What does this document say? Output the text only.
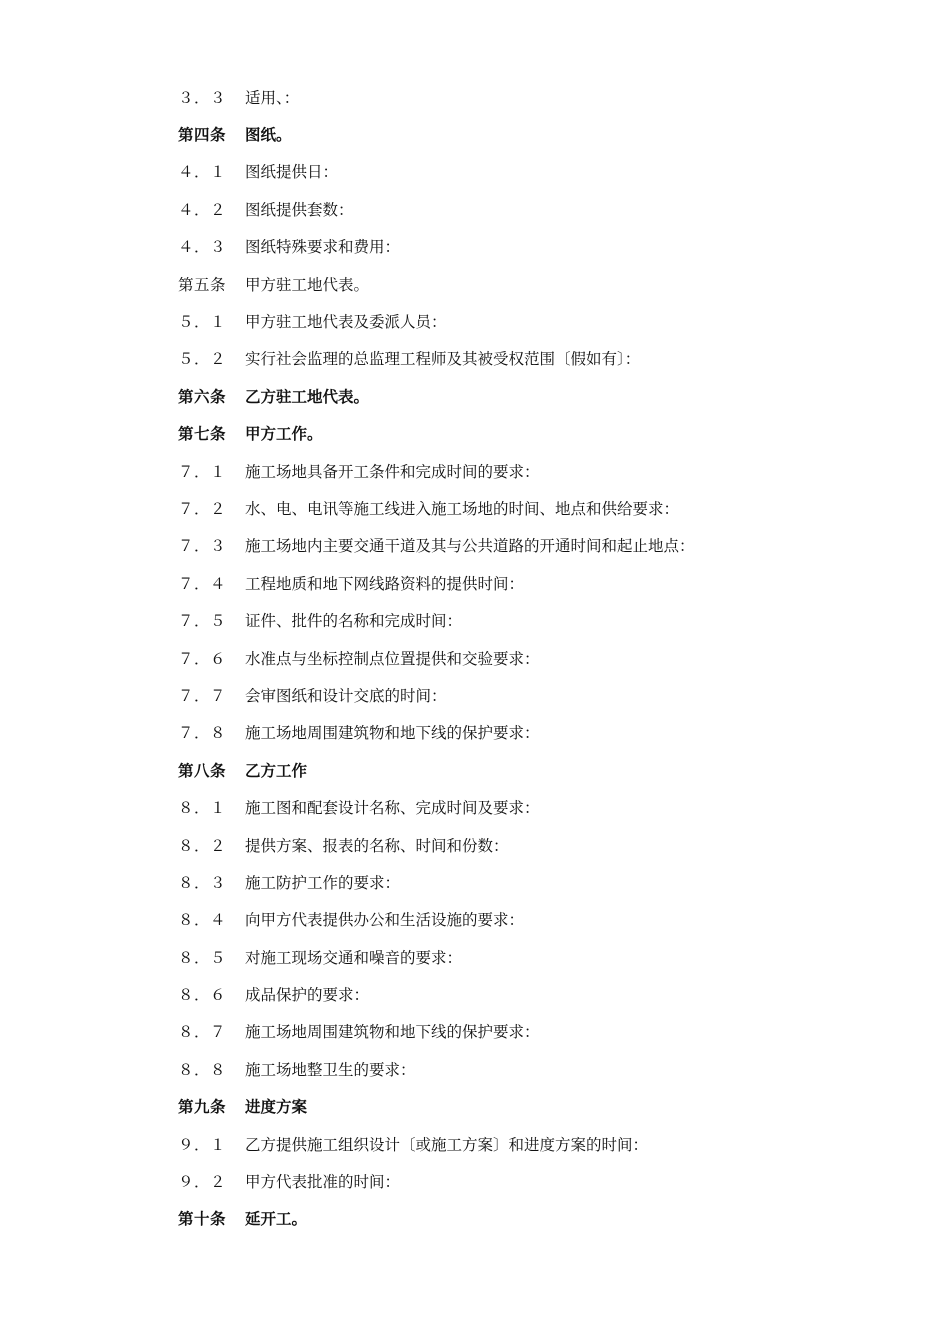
３．３	适用、：
第四条	图纸。
４．１	图纸提供日：
４．２	图纸提供套数：
４．３	图纸特殊要求和费用：
第五条	甲方驻工地代表。
５．１	甲方驻工地代表及委派人员：
５．２	实行社会监理的总监理工程师及其被受权范围〔假如有〕：
第六条	乙方驻工地代表。
第七条	甲方工作。
７．１	施工场地具备开工条件和完成时间的要求：
７．２	水、电、电讯等施工线进入施工场地的时间、地点和供给要求：
７．３	施工场地内主要交通干道及其与公共道路的开通时间和起止地点：
７．４	工程地质和地下网线路资料的提供时间：
７．５	证件、批件的名称和完成时间：
７．６	水准点与坐标控制点位置提供和交验要求：
７．７	会审图纸和设计交底的时间：
７．８	施工场地周围建筑物和地下线的保护要求：
第八条	乙方工作
８．１	施工图和配套设计名称、完成时间及要求：
８．２	提供方案、报表的名称、时间和份数：
８．３	施工防护工作的要求：
８．４	向甲方代表提供办公和生活设施的要求：
８．５	对施工现场交通和噪音的要求：
８．６	成品保护的要求：
８．７	施工场地周围建筑物和地下线的保护要求：
８．８	施工场地整卫生的要求：
第九条	进度方案
９．１	乙方提供施工组织设计〔或施工方案〕和进度方案的时间：
９．２	甲方代表批准的时间：
第十条	延开工。
